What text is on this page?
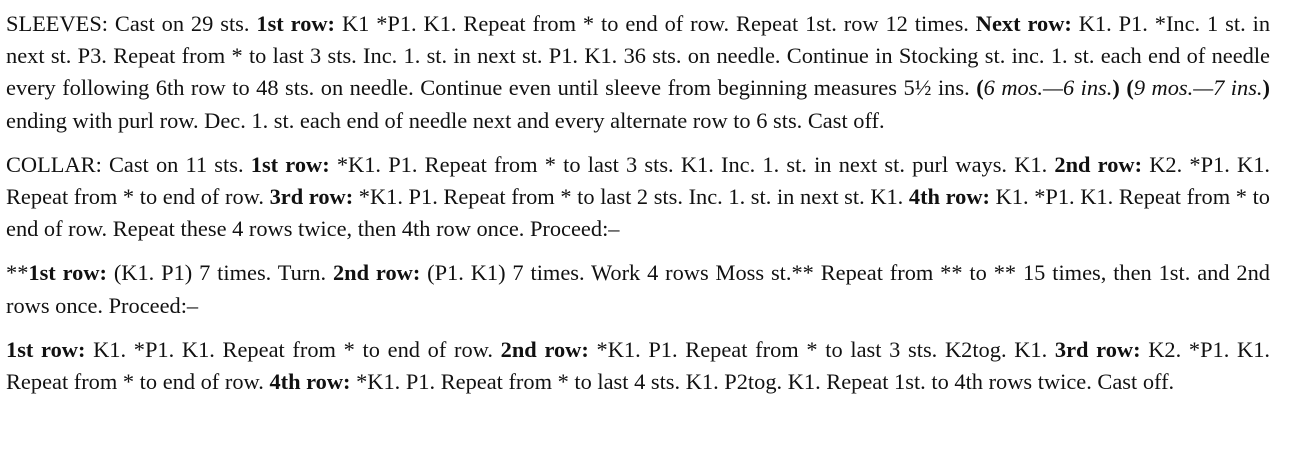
SLEEVES: Cast on 29 sts. 1st row: K1 *P1. K1. Repeat from * to end of row. Repeat 1st. row 12 times. Next row: K1. P1. *Inc. 1 st. in next st. P3. Repeat from * to last 3 sts. Inc. 1. st. in next st. P1. K1. 36 sts. on needle. Continue in Stocking st. inc. 1. st. each end of needle every following 6th row to 48 sts. on needle. Continue even until sleeve from beginning measures 5½ ins. (6 mos.—6 ins.) (9 mos.—7 ins.) ending with purl row. Dec. 1. st. each end of needle next and every alternate row to 6 sts. Cast off.

COLLAR: Cast on 11 sts. 1st row: *K1. P1. Repeat from * to last 3 sts. K1. Inc. 1. st. in next st. purl ways. K1. 2nd row: K2. *P1. K1. Repeat from * to end of row. 3rd row: *K1. P1. Repeat from * to last 2 sts. Inc. 1. st. in next st. K1. 4th row: K1. *P1. K1. Repeat from * to end of row. Repeat these 4 rows twice, then 4th row once. Proceed:–

**1st row: (K1. P1) 7 times. Turn. 2nd row: (P1. K1) 7 times. Work 4 rows Moss st.** Repeat from ** to ** 15 times, then 1st. and 2nd rows once. Proceed:–

1st row: K1. *P1. K1. Repeat from * to end of row. 2nd row: *K1. P1. Repeat from * to last 3 sts. K2tog. K1. 3rd row: K2. *P1. K1. Repeat from * to end of row. 4th row: *K1. P1. Repeat from * to last 4 sts. K1. P2tog. K1. Repeat 1st. to 4th rows twice. Cast off.
